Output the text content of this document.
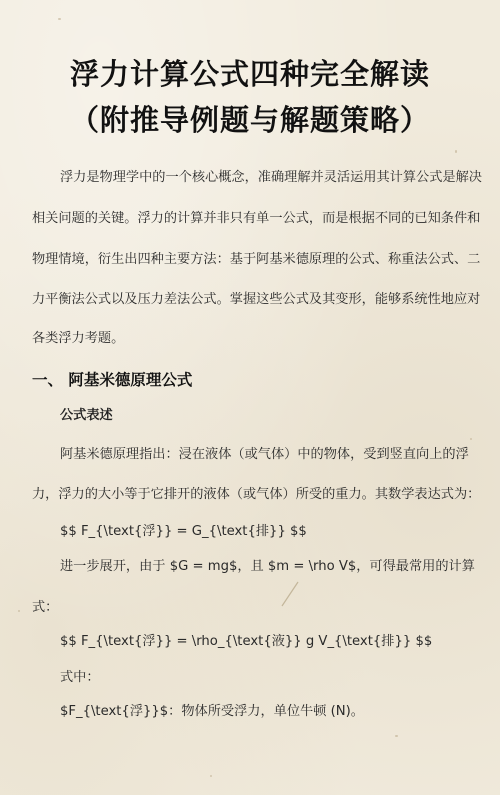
浮力计算公式四种完全解读
（附推导例题与解题策略）
浮力是物理学中的一个核心概念，准确理解并灵活运用其计算公式是解决
相关问题的关键。浮力的计算并非只有单一公式，而是根据不同的已知条件和
物理情境，衍生出四种主要方法：基于阿基米德原理的公式、称重法公式、二
力平衡法公式以及压力差法公式。掌握这些公式及其变形，能够系统性地应对
各类浮力考题。
一、 阿基米德原理公式
公式表述
阿基米德原理指出：浸在液体（或气体）中的物体，受到竖直向上的浮
力，浮力的大小等于它排开的液体（或气体）所受的重力。其数学表达式为：
$$ F_{\text{浮}} = G_{\text{排}} $$
进一步展开，由于 $G = mg$，且 $m = \rho V$，可得最常用的计算
式：
$$ F_{\text{浮}} = \rho_{\text{液}} g V_{\text{排}} $$
式中：
$F_{\text{浮}}$：物体所受浮力，单位牛顿 (N)。
